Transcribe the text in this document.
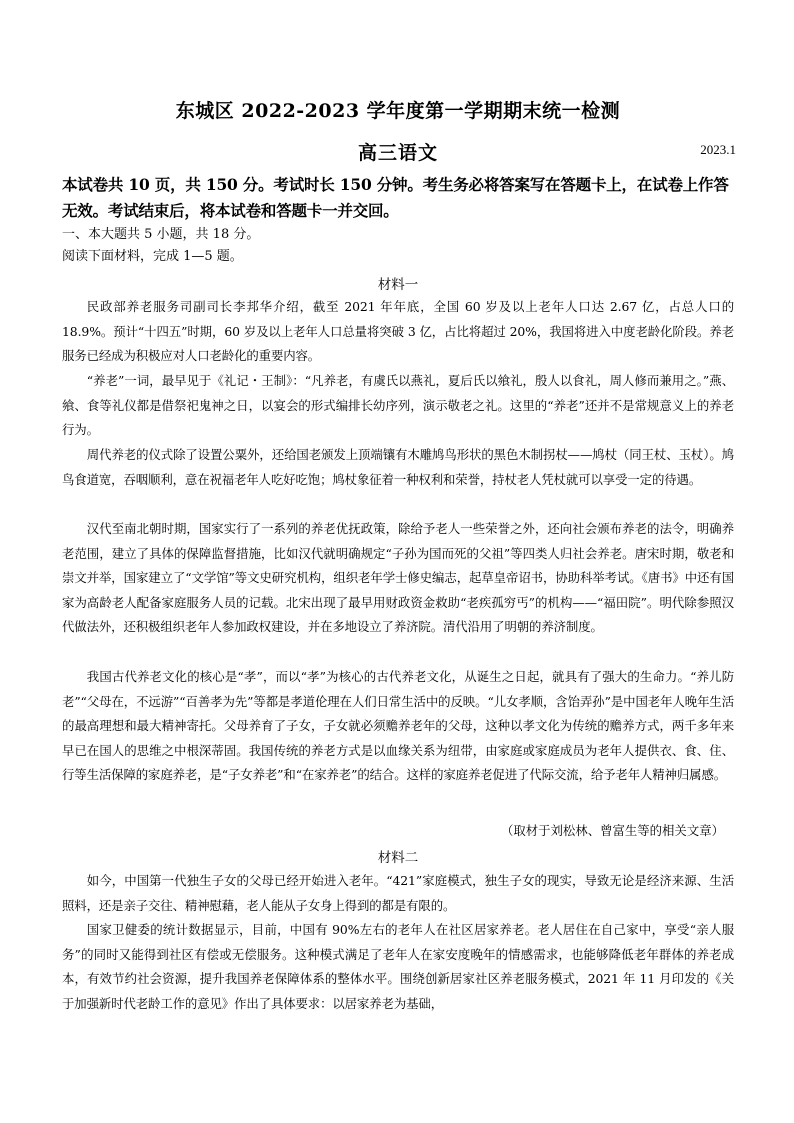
东城区 2022-2023 学年度第一学期期末统一检测
高三语文	2023.1
本试卷共 10 页，共 150 分。考试时长 150 分钟。考生务必将答案写在答题卡上，在试卷上作答无效。考试结束后，将本试卷和答题卡一并交回。
一、本大题共 5 小题，共 18 分。
阅读下面材料，完成 1—5 题。
材料一
民政部养老服务司副司长李邦华介绍，截至 2021 年年底，全国 60 岁及以上老年人口达 2.67 亿，占总人口的 18.9%。预计“十四五”时期，60 岁及以上老年人口总量将突破 3 亿，占比将超过 20%，我国将进入中度老龄化阶段。养老服务已经成为积极应对人口老龄化的重要内容。
“养老”一词，最早见于《礼记・王制》：“凡养老，有虞氏以燕礼，夏后氏以飨礼，殷人以食礼，周人修而兼用之。”燕、飨、食等礼仪都是借祭祀鬼神之日，以宴会的形式编排长幼序列，演示敬老之礼。这里的“养老”还并不是常规意义上的养老行为。
周代养老的仪式除了设置公粟外，还给国老颁发上顶端镶有木雕鸠鸟形状的黑色木制拐杖——鸠杖（同王杖、玉杖）。鸠鸟食道宽，吞咽顺利，意在祝福老年人吃好吃饱；鸠杖象征着一种权利和荣誉，持杖老人凭杖就可以享受一定的待遇。
汉代至南北朝时期，国家实行了一系列的养老优抚政策，除给予老人一些荣誉之外，还向社会颁布养老的法令，明确养老范围，建立了具体的保障监督措施，比如汉代就明确规定“子孙为国而死的父祖”等四类人归社会养老。唐宋时期，敬老和崇文并举，国家建立了“文学馆”等文史研究机构，组织老年学士修史编志，起草皇帝诏书，协助科举考试。《唐书》中还有国家为高龄老人配备家庭服务人员的记载。北宋出现了最早用财政资金救助“老疾孤穷丐”的机构——“福田院”。明代除参照汉代做法外，还积极组织老年人参加政权建设，并在多地设立了养济院。清代沿用了明朝的养济制度。
我国古代养老文化的核心是“孝”，而以“孝”为核心的古代养老文化，从诞生之日起，就具有了强大的生命力。“养儿防老”“父母在，不远游”“百善孝为先”等都是孝道伦理在人们日常生活中的反映。“儿女孝顺，含饴弄孙”是中国老年人晚年生活的最高理想和最大精神寄托。父母养育了子女，子女就必须赡养老年的父母，这种以孝文化为传统的赡养方式，两千多年来早已在国人的思维之中根深蒂固。我国传统的养老方式是以血缘关系为纽带，由家庭或家庭成员为老年人提供衣、食、住、行等生活保障的家庭养老，是“子女养老”和“在家养老”的结合。这样的家庭养老促进了代际交流，给予老年人精神归属感。
（取材于刘松林、曾富生等的相关文章）
材料二
如今，中国第一代独生子女的父母已经开始进入老年。“421”家庭模式，独生子女的现实，导致无论是经济来源、生活照料，还是亲子交往、精神慰藉，老人能从子女身上得到的都是有限的。
国家卫健委的统计数据显示，目前，中国有 90%左右的老年人在社区居家养老。老人居住在自己家中，享受“亲人服务”的同时又能得到社区有偿或无偿服务。这种模式满足了老年人在家安度晚年的情感需求，也能够降低老年群体的养老成本，有效节约社会资源，提升我国养老保障体系的整体水平。围绕创新居家社区养老服务模式，2021 年 11 月印发的《关于加强新时代老龄工作的意见》作出了具体要求：以居家养老为基础，
